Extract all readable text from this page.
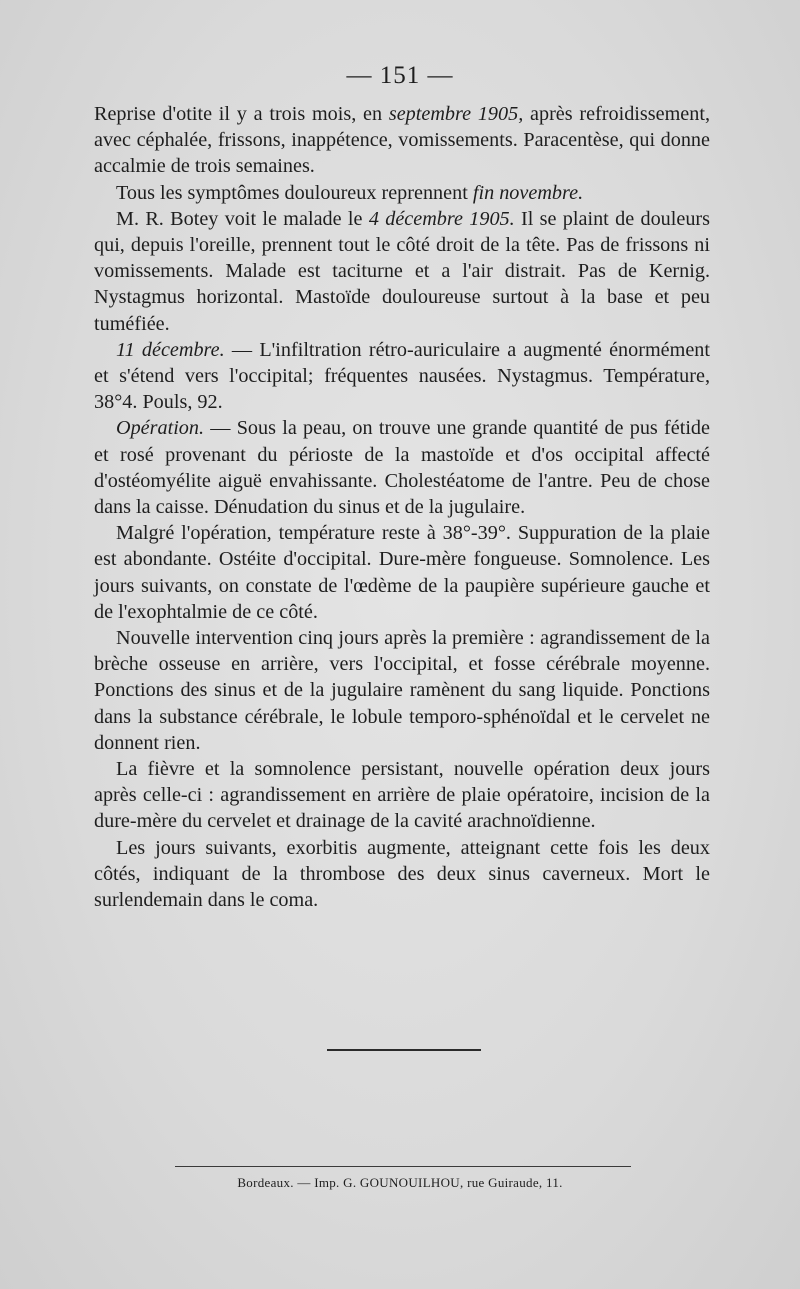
— 151 —

Reprise d'otite il y a trois mois, en septembre 1905, après refroidissement, avec céphalée, frissons, inappétence, vomissements. Paracentèse, qui donne accalmie de trois semaines.

Tous les symptômes douloureux reprennent fin novembre.

M. R. Botey voit le malade le 4 décembre 1905. Il se plaint de douleurs qui, depuis l'oreille, prennent tout le côté droit de la tête. Pas de frissons ni vomissements. Malade est taciturne et a l'air distrait. Pas de Kernig. Nystagmus horizontal. Mastoïde douloureuse surtout à la base et peu tuméfiée.

11 décembre. — L'infiltration rétro-auriculaire a augmenté énormément et s'étend vers l'occipital; fréquentes nausées. Nystagmus. Température, 38°4. Pouls, 92.

Opération. — Sous la peau, on trouve une grande quantité de pus fétide et rosé provenant du périoste de la mastoïde et d'os occipital affecté d'ostéomyélite aiguë envahissante. Cholestéatome de l'antre. Peu de chose dans la caisse. Dénudation du sinus et de la jugulaire.

Malgré l'opération, température reste à 38°-39°. Suppuration de la plaie est abondante. Ostéite d'occipital. Dure-mère fongueuse. Somnolence. Les jours suivants, on constate de l'œdème de la paupière supérieure gauche et de l'exophtalmie de ce côté.

Nouvelle intervention cinq jours après la première : agrandissement de la brèche osseuse en arrière, vers l'occipital, et fosse cérébrale moyenne. Ponctions des sinus et de la jugulaire ramènent du sang liquide. Ponctions dans la substance cérébrale, le lobule temporo-sphénoïdal et le cervelet ne donnent rien.

La fièvre et la somnolence persistant, nouvelle opération deux jours après celle-ci : agrandissement en arrière de plaie opératoire, incision de la dure-mère du cervelet et drainage de la cavité arachnoïdienne.

Les jours suivants, exorbitis augmente, atteignant cette fois les deux côtés, indiquant de la thrombose des deux sinus caverneux. Mort le surlendemain dans le coma.

Bordeaux. — Imp. G. GOUNOUILHOU, rue Guiraude, 11.
